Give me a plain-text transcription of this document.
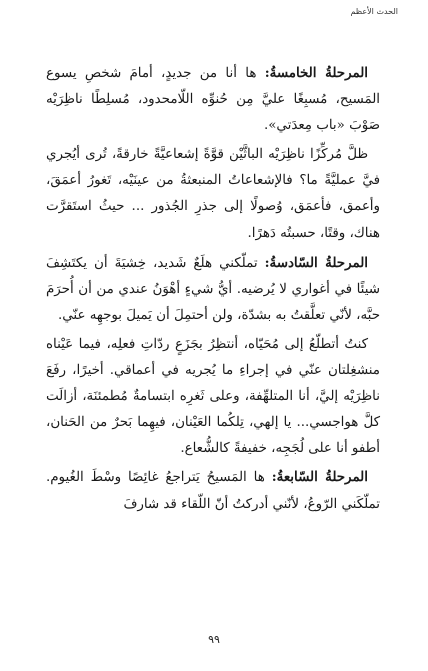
الحدث الأعظم

المرحلةُ الخامسةُ: ها أنا من جديدٍ، أمامَ شخصِ يسوع المَسيح، مُسبِغًا عليَّ مِن حُنوِّه اللّامحدود، مُسلِطًا ناظِرَيْه صَوْبَ «باب مِعدَتي».

ظلَّ مُركِّزًا ناظِرَيْه الباثَّيْن قوَّةً إشعاعيَّةً خارقةً، تُرى أيُجري فيَّ عمليَّةً ما؟ فالإشعاعاتُ المنبعثةُ من عينَيْه، تَغورُ أعمَقَ، وأعمق، فأعمَق، وُصولًا إلى جذرِ الجُذور ... حيثُ استَقرَّت هناك، وقتًا، حسبتُه دَهرًا.

المرحلةُ السّادسةُ: تملّكني هلَعٌ شَديد، خِشيَةَ أن يكتَشِفَ شيئًا في أغواري لا يُرضيه. أيُّ شيءٍ أهْوَنُ عندي من أن أُحرَمَ حبَّه، لأنّي تعلَّقتُ به بشدّة، ولن أحتمِلَ أن يَميلَ بوجهِه عنّي.

كنتُ أتطلّعُ إلى مُحَيّاه، أنتظِرُ بجَزَعٍ ردّاتِ فعلِه، فيما عَيْناه منشغِلتان عنّي في إجراءِ ما يُجريه في أعماقي. أخيرًا، رفَعَ ناظِرَيْه إليَّ، أنا المتلهِّفة، وعلى ثَغرِه ابتسامةٌ مُطمئنَة، أزالَت كلَّ هواجسي... يا إلهي، تِلكُما العَيْنان، فيهِما بَحرٌ من الحَنان، أطفو أنا على لُجَجِه، خفيفةً كالشُّعاع.

المرحلةُ السّابعةُ: ها المَسيحُ يَتراجعُ غائِصًا وسْطَ الغُيوم. تملّكَني الرّوعُ، لأنّني أدركتُ أنّ اللّقاء قد شارفَ

٩٩
